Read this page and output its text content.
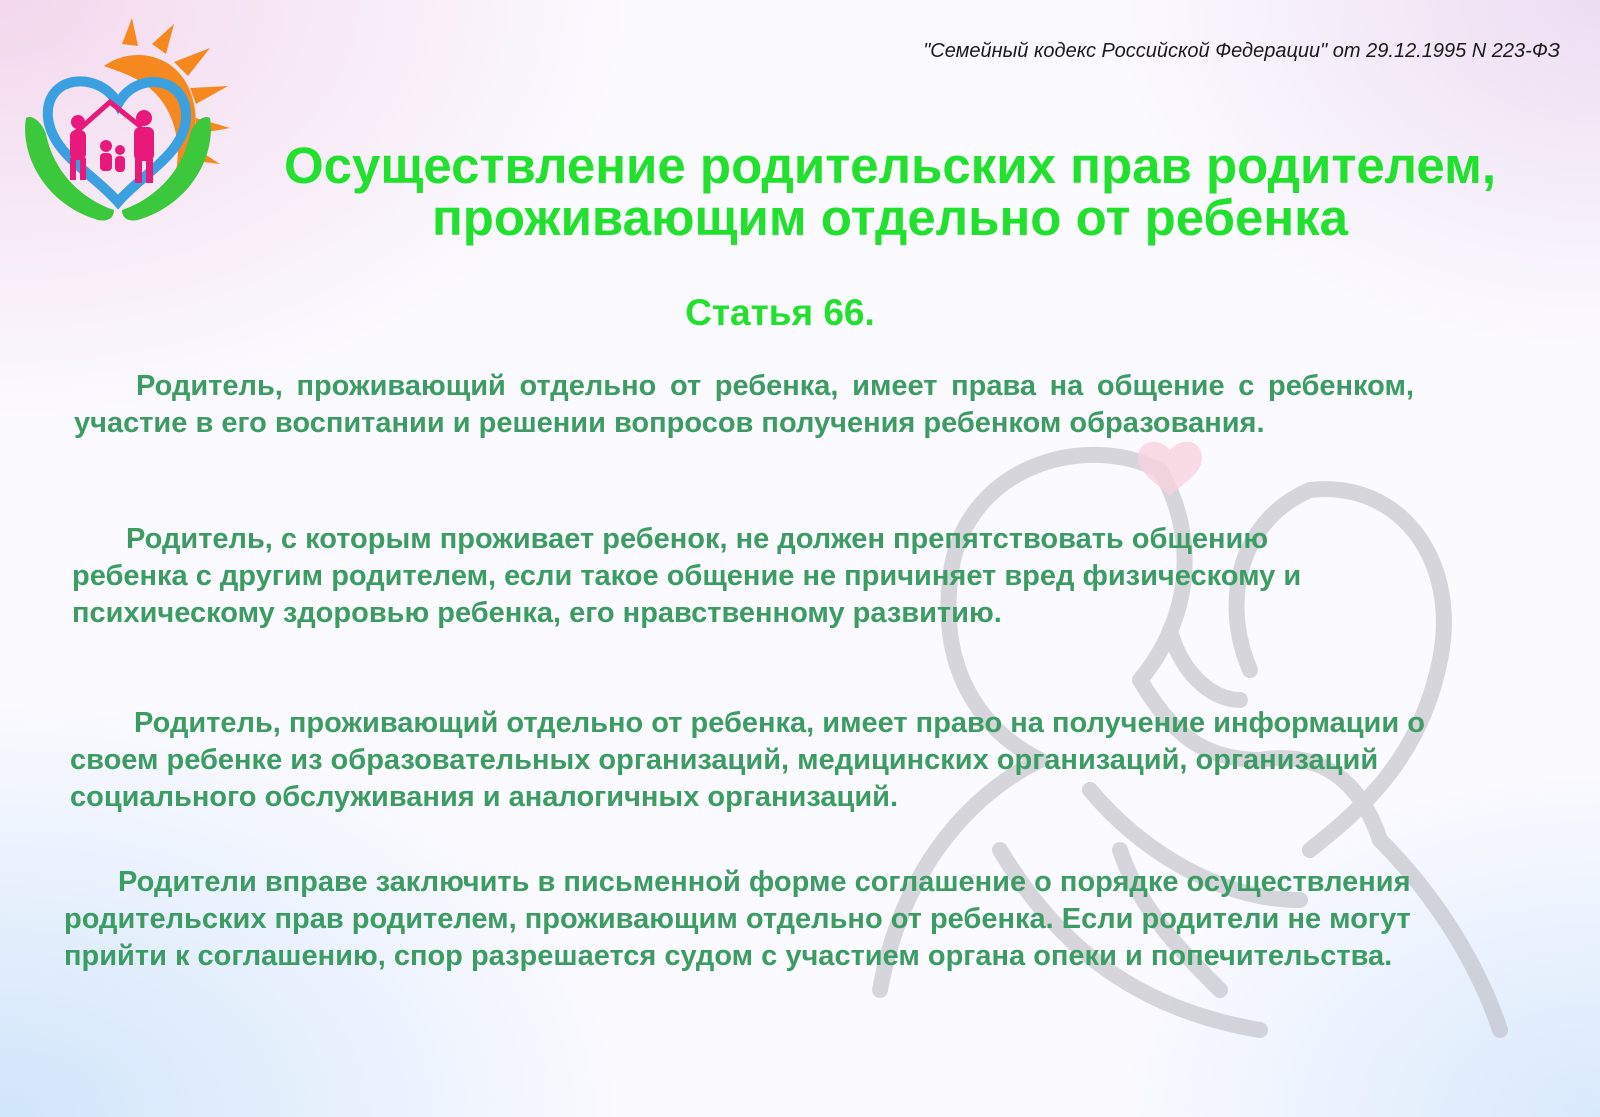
"Семейный кодекс Российской Федерации" от 29.12.1995 N 223-ФЗ
Осуществление родительских прав родителем,
проживающим отдельно от ребенка
Статья 66.

Родитель, проживающий отдельно от ребенка, имеет права на общение с ребенком, участие в его воспитании и решении вопросов получения ребенком образования.

Родитель, с которым проживает ребенок, не должен препятствовать общению ребенка с другим родителем, если такое общение не причиняет вред физическому и психическому здоровью ребенка, его нравственному развитию.

Родитель, проживающий отдельно от ребенка, имеет право на получение информации о своем ребенке из образовательных организаций, медицинских организаций, организаций социального обслуживания и аналогичных организаций.

Родители вправе заключить в письменной форме соглашение о порядке осуществления родительских прав родителем, проживающим отдельно от ребенка. Если родители не могут прийти к соглашению, спор разрешается судом с участием органа опеки и попечительства.
